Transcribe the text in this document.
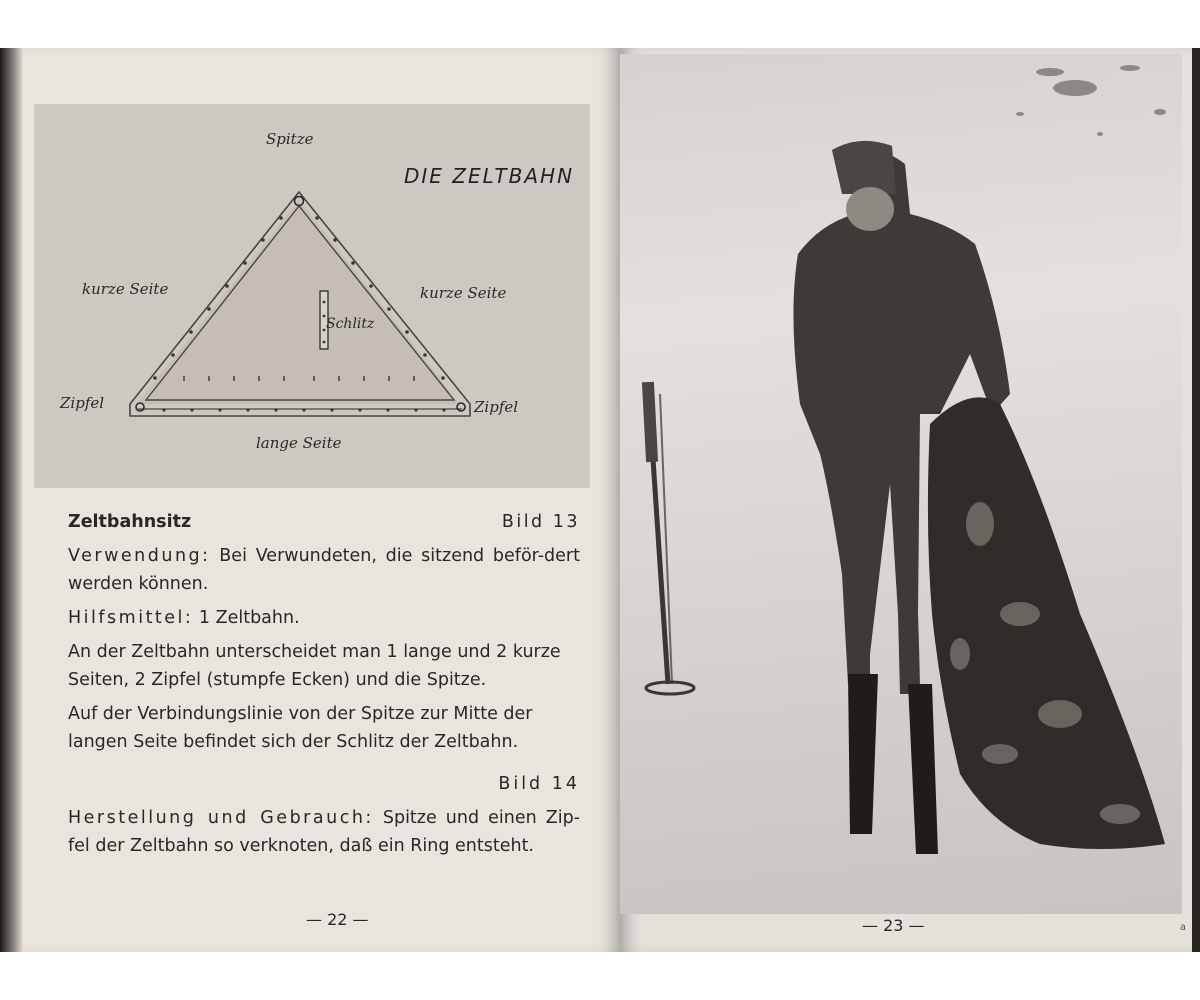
Spitze
DIE ZELTBAHN
kurze Seite	kurze Seite
Schlitz
Zipfel	Zipfel
lange Seite
Zeltbahnsitz	Bild 13

Verwendung: Bei Verwundeten, die sitzend beför-dert werden können.

Hilfsmittel: 1 Zeltbahn.

An der Zeltbahn unterscheidet man 1 lange und 2 kurze Seiten, 2 Zipfel (stumpfe Ecken) und die Spitze.

Auf der Verbindungslinie von der Spitze zur Mitte der langen Seite befindet sich der Schlitz der Zeltbahn.

Bild 14

Herstellung und Gebrauch: Spitze und einen Zip-fel der Zeltbahn so verknoten, daß ein Ring entsteht.

— 22 —	— 23 —	a
